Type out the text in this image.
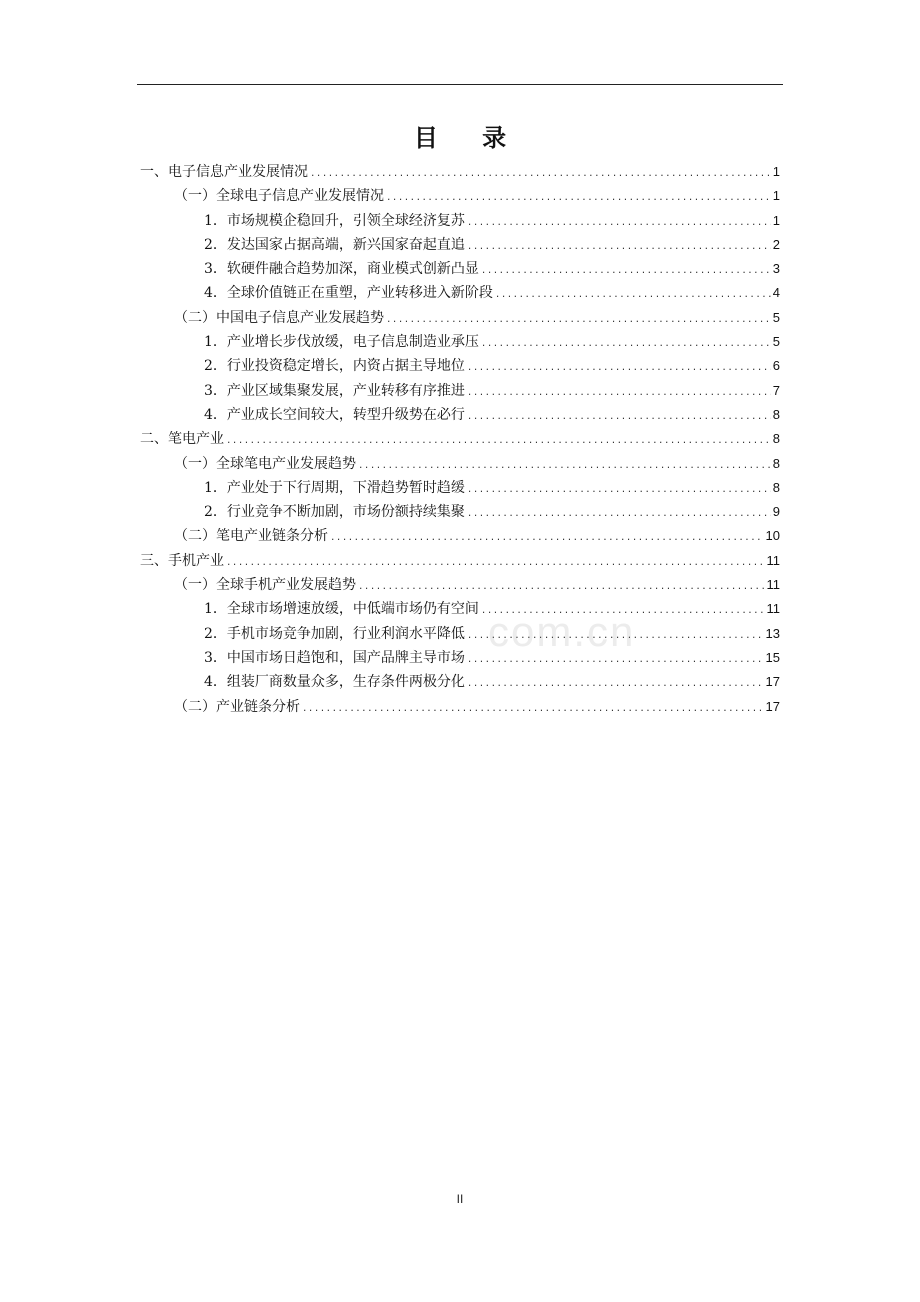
目 录
一、电子信息产业发展情况 .....	1
（一）全球电子信息产业发展情况 .....	1
1．市场规模企稳回升，引领全球经济复苏 .....	1
2．发达国家占据高端，新兴国家奋起直追 .....	2
3．软硬件融合趋势加深，商业模式创新凸显 .....	3
4．全球价值链正在重塑，产业转移进入新阶段 .....	4
（二）中国电子信息产业发展趋势 .....	5
1．产业增长步伐放缓，电子信息制造业承压 .....	5
2．行业投资稳定增长，内资占据主导地位 .....	6
3．产业区域集聚发展，产业转移有序推进 .....	7
4．产业成长空间较大，转型升级势在必行 .....	8
二、笔电产业 .....	8
（一）全球笔电产业发展趋势 .....	8
1．产业处于下行周期，下滑趋势暂时趋缓 .....	8
2．行业竞争不断加剧，市场份额持续集聚 .....	9
（二）笔电产业链条分析 .....	10
三、手机产业 .....	11
（一）全球手机产业发展趋势 .....	11
1．全球市场增速放缓，中低端市场仍有空间 .....	11
2．手机市场竞争加剧，行业利润水平降低 .....	13
3．中国市场日趋饱和，国产品牌主导市场 .....	15
4．组装厂商数量众多，生存条件两极分化 .....	17
（二）产业链条分析 .....	17
com.cn
II
